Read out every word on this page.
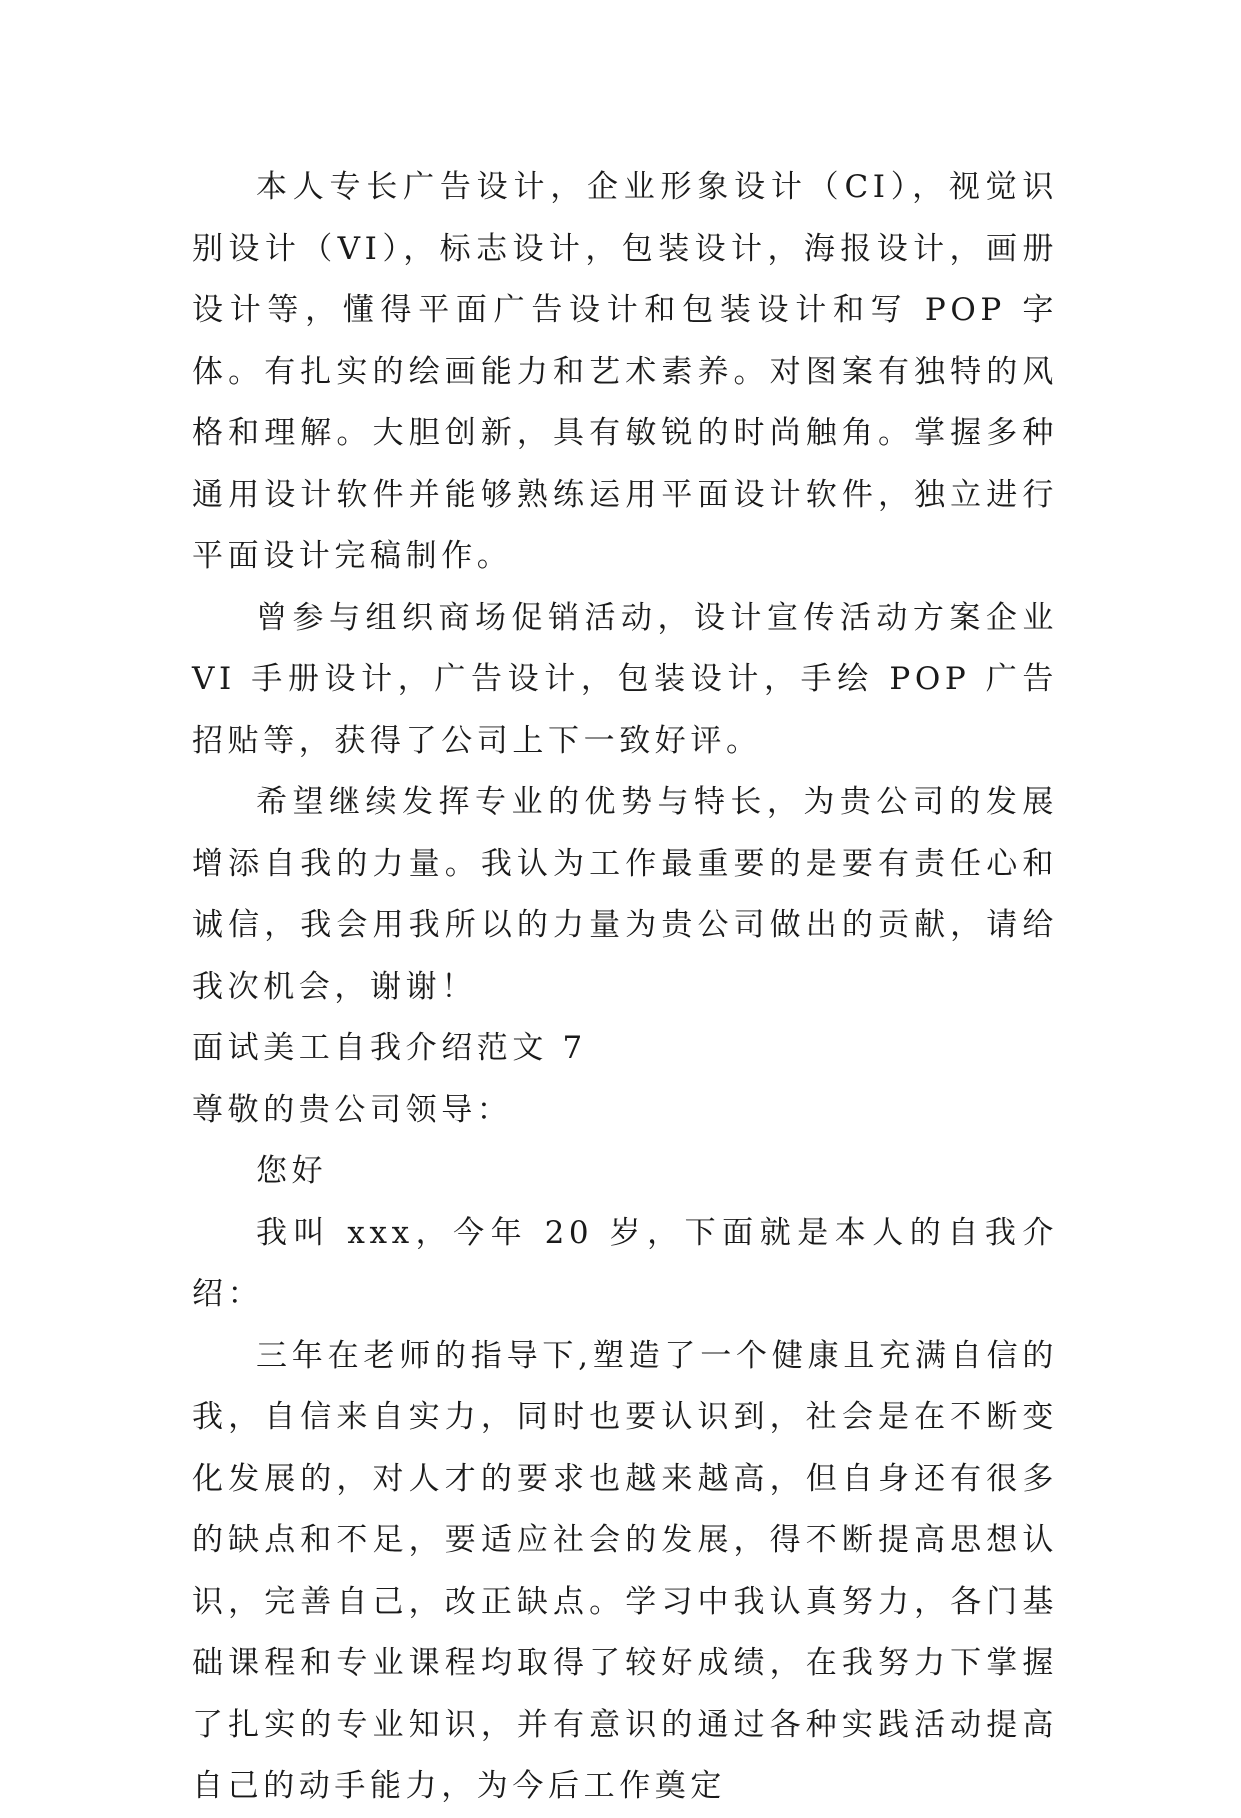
本人专长广告设计，企业形象设计（CI），视觉识别设计（VI），标志设计，包装设计，海报设计，画册设计等，懂得平面广告设计和包装设计和写 POP 字体。有扎实的绘画能力和艺术素养。对图案有独特的风格和理解。大胆创新，具有敏锐的时尚触角。掌握多种通用设计软件并能够熟练运用平面设计软件，独立进行平面设计完稿制作。

曾参与组织商场促销活动，设计宣传活动方案企业 VI 手册设计，广告设计，包装设计，手绘 POP 广告招贴等，获得了公司上下一致好评。

希望继续发挥专业的优势与特长，为贵公司的发展增添自我的力量。我认为工作最重要的是要有责任心和诚信，我会用我所以的力量为贵公司做出的贡献，请给我次机会，谢谢！

面试美工自我介绍范文 7

尊敬的贵公司领导：

您好

我叫 xxx，今年 20 岁，下面就是本人的自我介绍：

三年在老师的指导下,塑造了一个健康且充满自信的我，自信来自实力，同时也要认识到，社会是在不断变化发展的，对人才的要求也越来越高，但自身还有很多的缺点和不足，要适应社会的发展，得不断提高思想认识，完善自己，改正缺点。学习中我认真努力，各门基础课程和专业课程均取得了较好成绩，在我努力下掌握了扎实的专业知识，并有意识的通过各种实践活动提高自己的动手能力，为今后工作奠定
